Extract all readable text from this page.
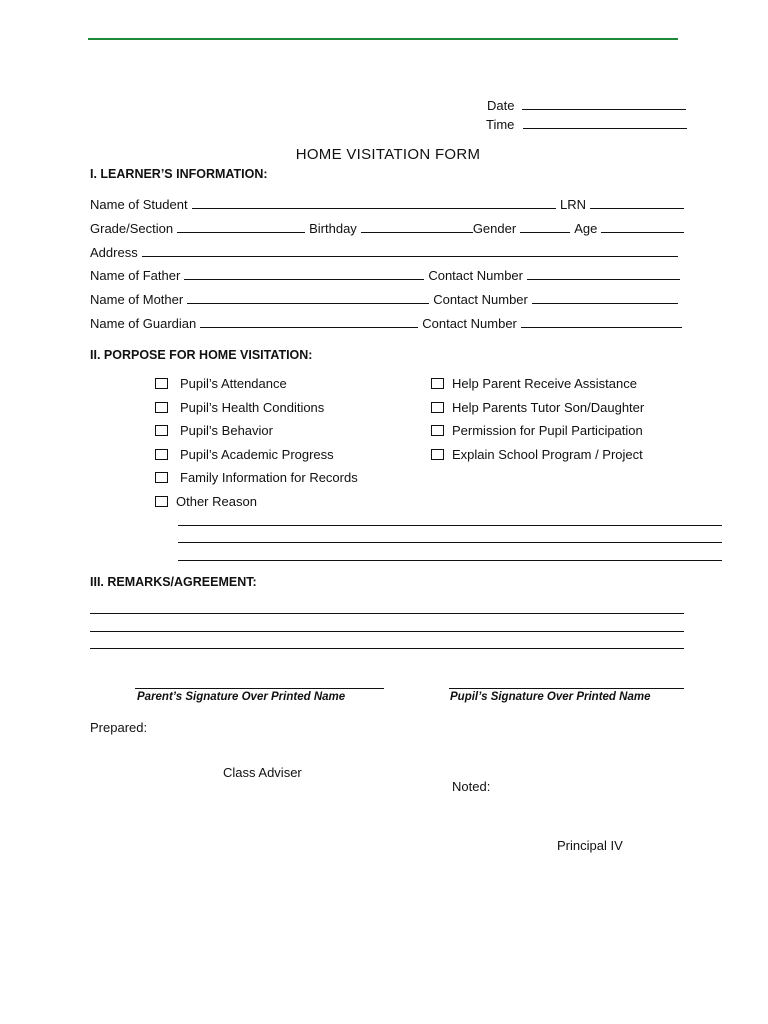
Date
Time
HOME VISITATION FORM
I. LEARNER’S INFORMATION:
Name of Student	LRN
Grade/Section	Birthday	Gender	Age
Address
Name of Father	Contact Number
Name of Mother	Contact Number
Name of Guardian	Contact Number
II. PORPOSE FOR HOME VISITATION:
Pupil’s Attendance
Pupil’s Health Conditions
Pupil’s Behavior
Pupil’s Academic Progress
Family Information for Records
Other Reason
Help Parent Receive Assistance
Help Parents Tutor Son/Daughter
Permission for Pupil Participation
Explain School Program / Project
III. REMARKS/AGREEMENT:
Parent’s Signature Over Printed Name	Pupil’s Signature Over Printed Name
Prepared:
Class Adviser
Noted:
Principal IV
